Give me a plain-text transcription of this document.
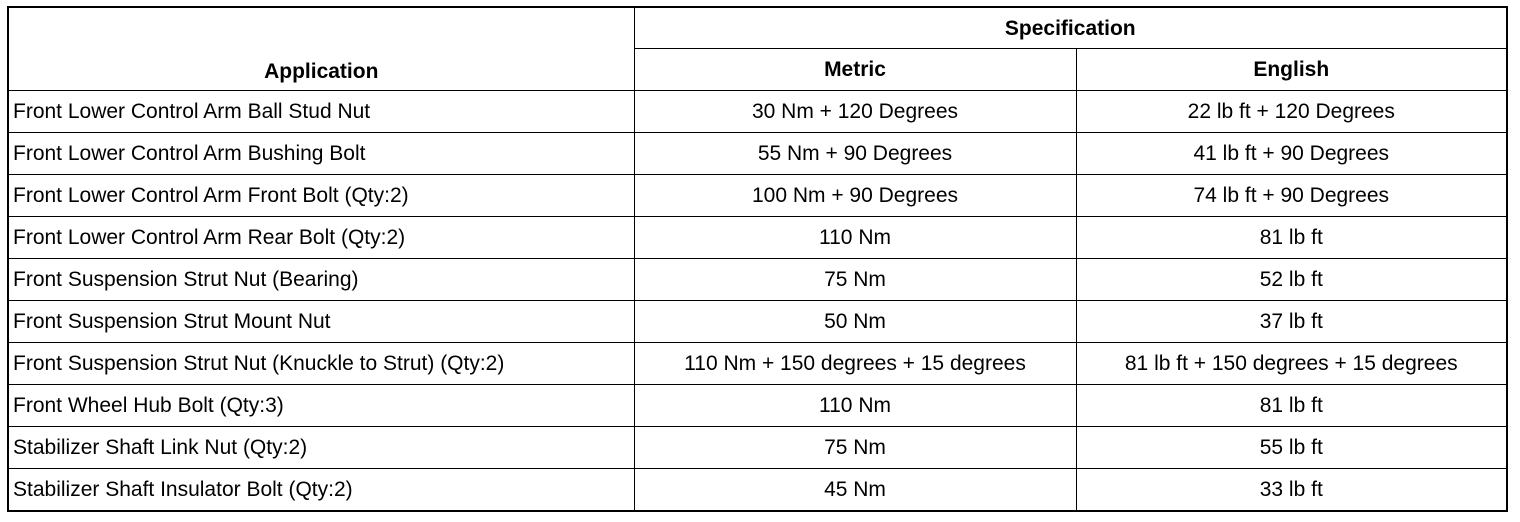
Application	Specification	
	Metric	English
Front Lower Control Arm Ball Stud Nut	30 Nm + 120 Degrees	22 lb ft + 120 Degrees
Front Lower Control Arm Bushing Bolt	55 Nm + 90 Degrees	41 lb ft + 90 Degrees
Front Lower Control Arm Front Bolt (Qty:2)	100 Nm + 90 Degrees	74 lb ft + 90 Degrees
Front Lower Control Arm Rear Bolt (Qty:2)	110 Nm	81 lb ft
Front Suspension Strut Nut (Bearing)	75 Nm	52 lb ft
Front Suspension Strut Mount Nut	50 Nm	37 lb ft
Front Suspension Strut Nut (Knuckle to Strut) (Qty:2)	110 Nm + 150 degrees + 15 degrees	81 lb ft + 150 degrees + 15 degrees
Front Wheel Hub Bolt (Qty:3)	110 Nm	81 lb ft
Stabilizer Shaft Link Nut (Qty:2)	75 Nm	55 lb ft
Stabilizer Shaft Insulator Bolt (Qty:2)	45 Nm	33 lb ft
